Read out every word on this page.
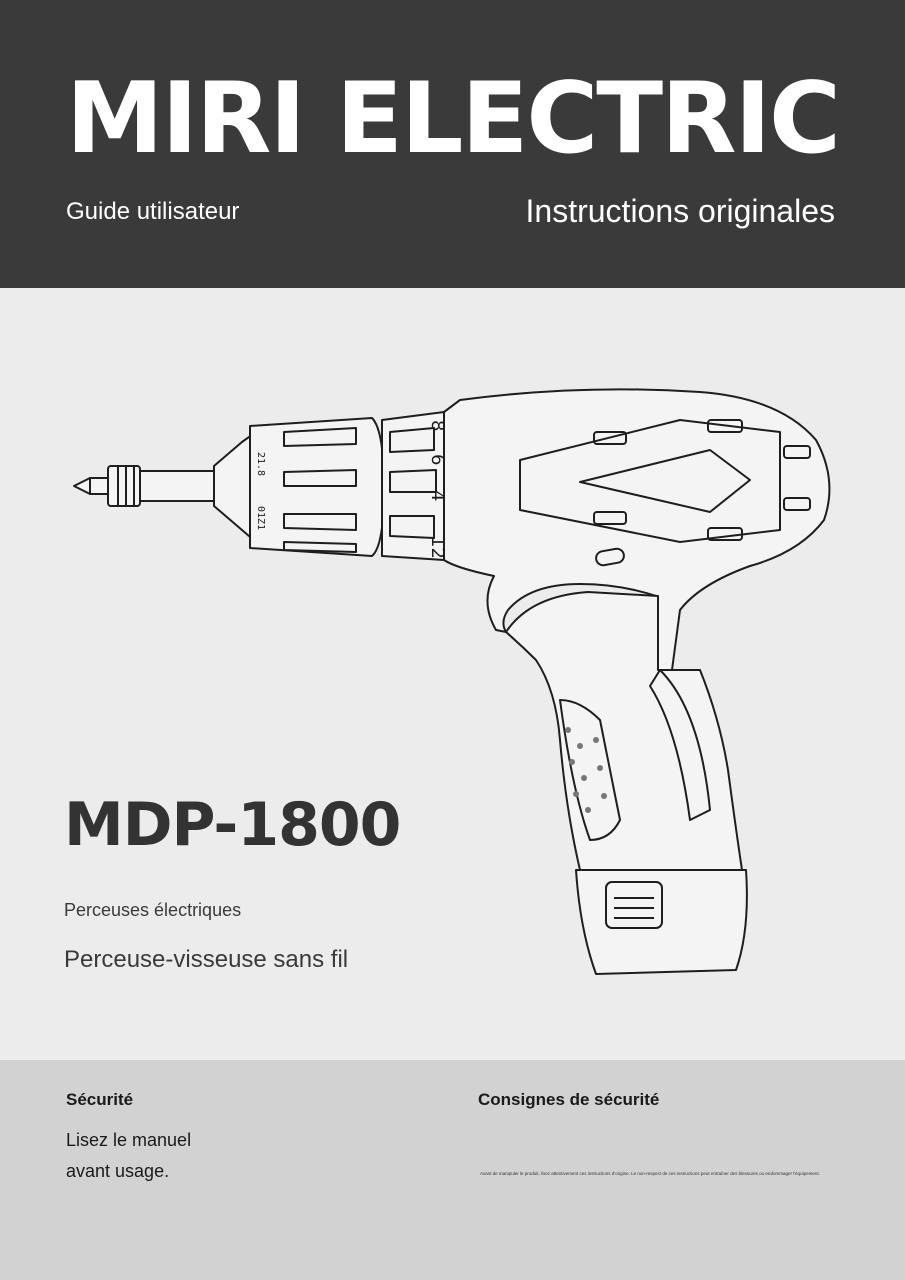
MIRI ELECTRIC
Guide utilisateur	Instructions originales
21.8
01Z1
12
4
6
8
MDP-1800
Perceuses électriques
Perceuse-visseuse sans fil
Sécurité
Lisez le manuel
avant usage.
Consignes de sécurité
Avant de manipuler le produit, lisez attentivement ces instructions d'origine. Le non-respect de ces instructions peut entraîner des blessures ou endommager l'équipement.
